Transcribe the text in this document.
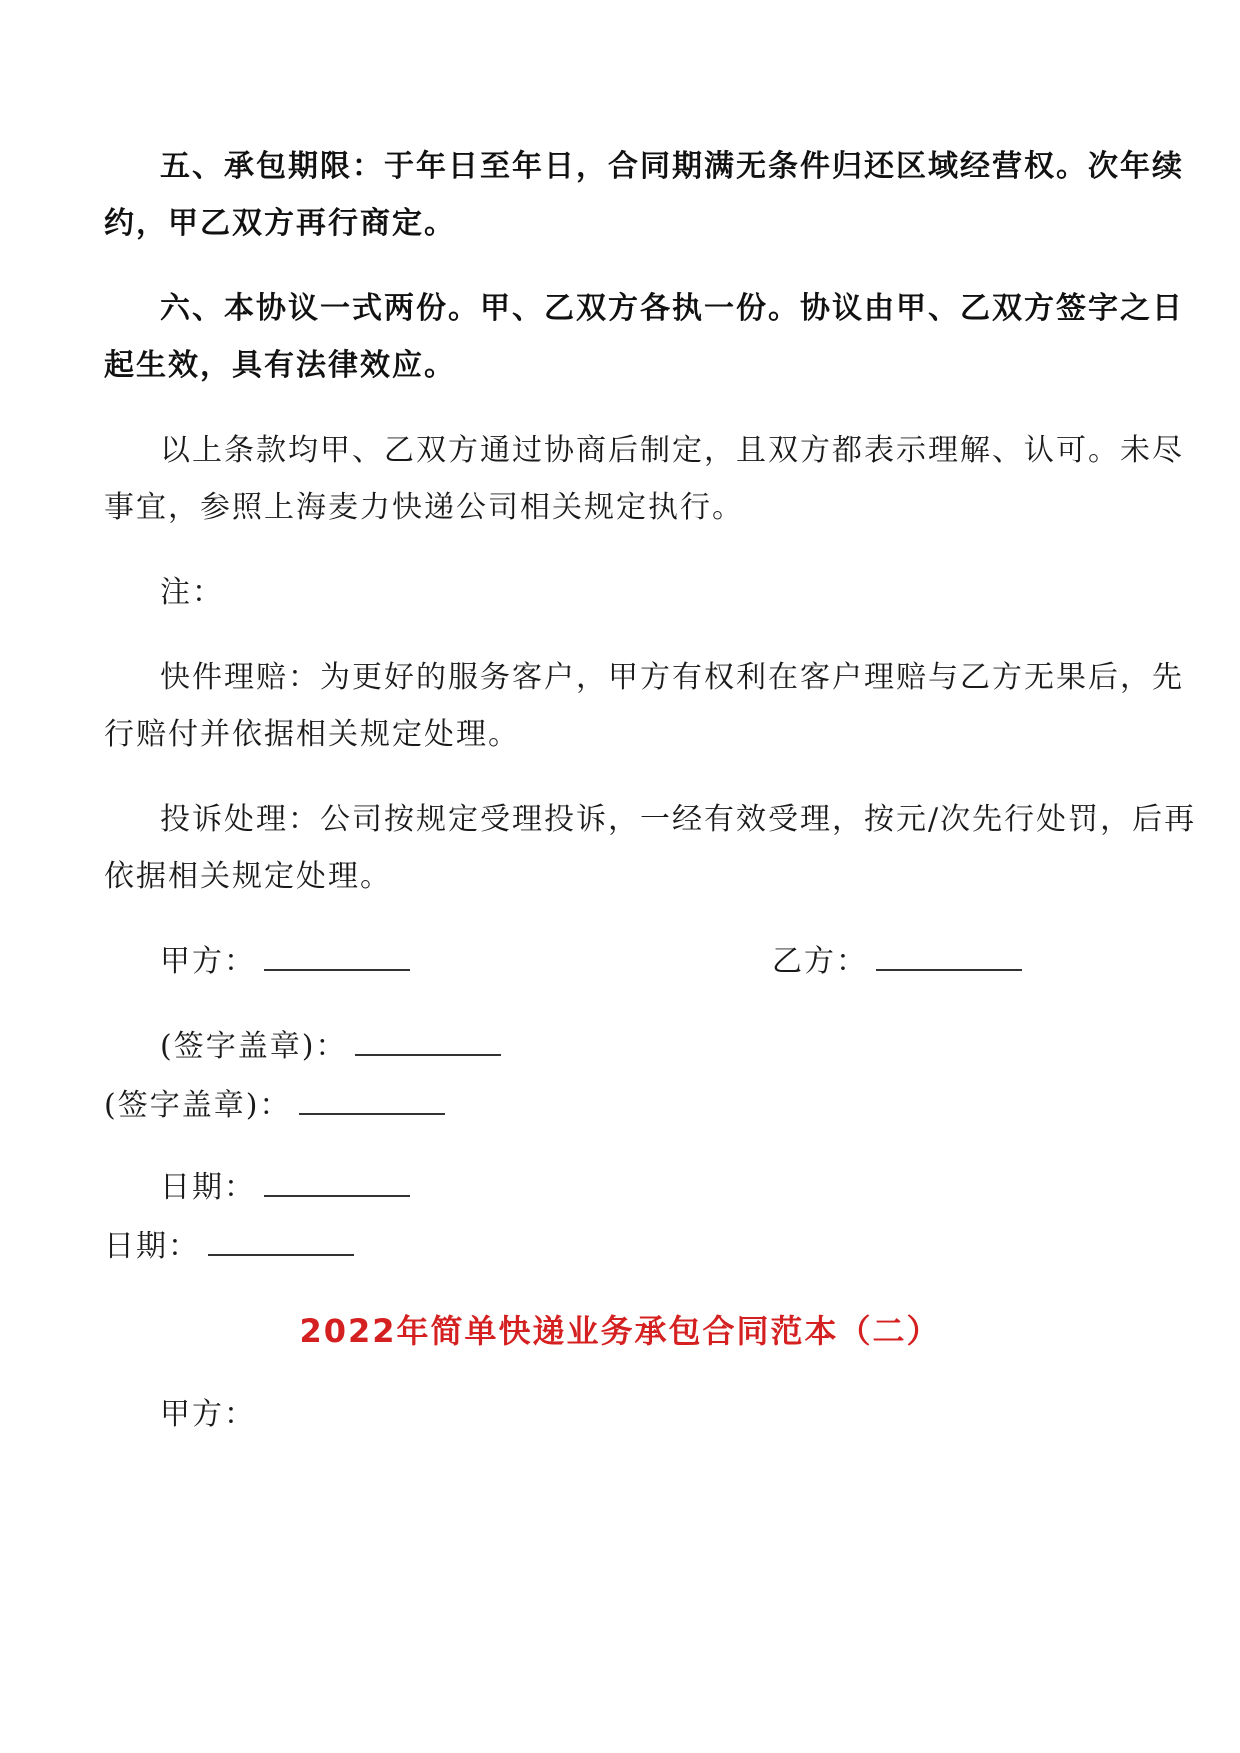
五、承包期限：于年日至年日，合同期满无条件归还区域经营权。次年续
约，甲乙双方再行商定。
六、本协议一式两份。甲、乙双方各执一份。协议由甲、乙双方签字之日
起生效，具有法律效应。
以上条款均甲、乙双方通过协商后制定，且双方都表示理解、认可。未尽
事宜，参照上海麦力快递公司相关规定执行。
注：
快件理赔：为更好的服务客户，甲方有权利在客户理赔与乙方无果后，先
行赔付并依据相关规定处理。
投诉处理：公司按规定受理投诉，一经有效受理，按元/次先行处罚，后再
依据相关规定处理。
甲方：	乙方：
(签字盖章)：
(签字盖章)：
日期：
日期：
2022年简单快递业务承包合同范本（二）
甲方：
